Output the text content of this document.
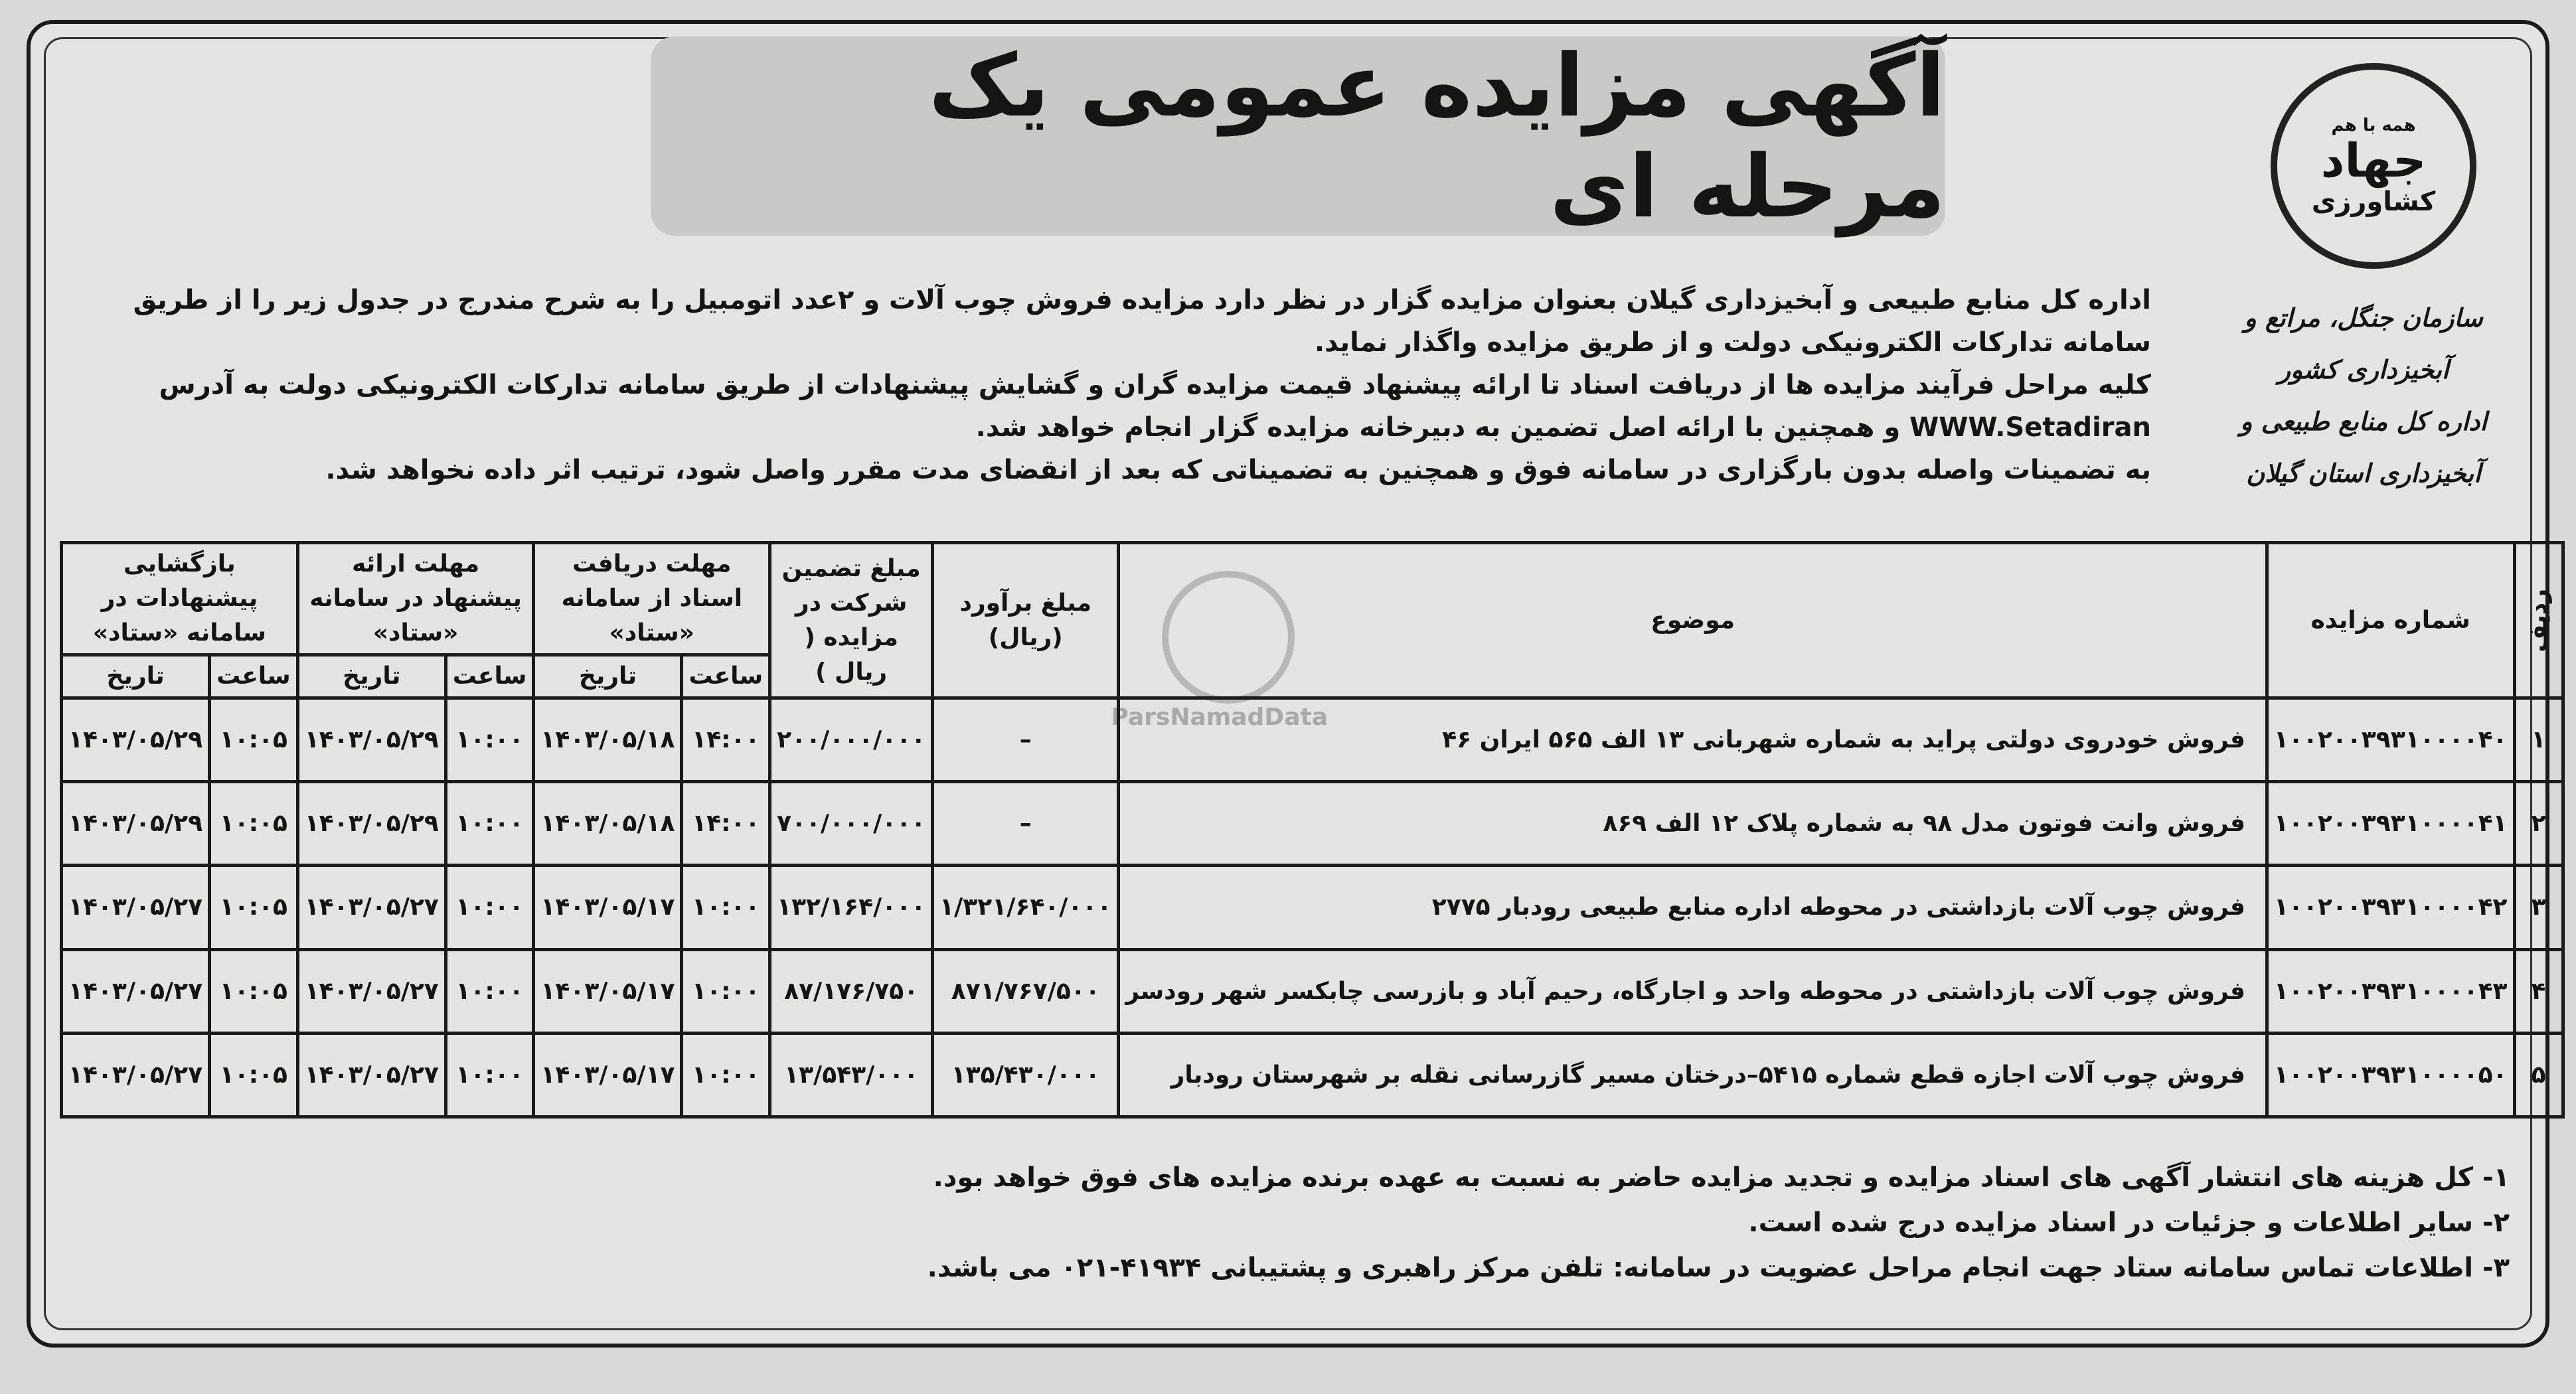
آگهی مزایده عمومی یک مرحله ای
همه با هم
جهاد
کشاورزی
سازمان جنگل، مراتع و آبخیزداری کشور
اداره کل منابع طبیعی و آبخیزداری استان گیلان

اداره کل منابع طبیعی و آبخیزداری گیلان بعنوان مزایده گزار در نظر دارد مزایده فروش چوب آلات و ۲عدد اتومبیل را به شرح مندرج در جدول زیر را از طریق

سامانه تدارکات الکترونیکی دولت و از طریق مزایده واگذار نماید.

کلیه مراحل فرآیند مزایده ها از دریافت اسناد تا ارائه پیشنهاد قیمت مزایده گران و گشایش پیشنهادات از طریق سامانه تدارکات الکترونیکی دولت به آدرس

WWW.Setadiran و همچنین با ارائه اصل تضمین به دبیرخانه مزایده گزار انجام خواهد شد.

به تضمینات واصله بدون بارگزاری در سامانه فوق و همچنین به تضمیناتی که بعد از انقضای مدت مقرر واصل شود، ترتیب اثر داده نخواهد شد.

ParsNamadData
ردیف	شماره مزایده	موضوع	مبلغ برآورد (ریال)	مبلغ تضمین شرکت در مزایده ( ریال )	مهلت دریافت اسناد از سامانه «ستاد»		مهلت ارائه پیشنهاد در سامانه «ستاد»		بازگشایی پیشنهادات در سامانه «ستاد»	
					ساعت	تاریخ	ساعت	تاریخ	ساعت	تاریخ
۱	۱۰۰۲۰۰۳۹۳۱۰۰۰۰۴۰	فروش خودروی دولتی پراید به شماره شهربانی ۱۳ الف ۵۶۵ ایران ۴۶	–	۲۰۰/۰۰۰/۰۰۰	۱۴:۰۰	۱۴۰۳/۰۵/۱۸	۱۰:۰۰	۱۴۰۳/۰۵/۲۹	۱۰:۰۵	۱۴۰۳/۰۵/۲۹
۲	۱۰۰۲۰۰۳۹۳۱۰۰۰۰۴۱	فروش وانت فوتون مدل ۹۸ به شماره پلاک ۱۲ الف ۸۶۹	–	۷۰۰/۰۰۰/۰۰۰	۱۴:۰۰	۱۴۰۳/۰۵/۱۸	۱۰:۰۰	۱۴۰۳/۰۵/۲۹	۱۰:۰۵	۱۴۰۳/۰۵/۲۹
۳	۱۰۰۲۰۰۳۹۳۱۰۰۰۰۴۲	فروش چوب آلات بازداشتی در محوطه اداره منابع طبیعی رودبار ۲۷۷۵	۱/۳۲۱/۶۴۰/۰۰۰	۱۳۲/۱۶۴/۰۰۰	۱۰:۰۰	۱۴۰۳/۰۵/۱۷	۱۰:۰۰	۱۴۰۳/۰۵/۲۷	۱۰:۰۵	۱۴۰۳/۰۵/۲۷
۴	۱۰۰۲۰۰۳۹۳۱۰۰۰۰۴۳	فروش چوب آلات بازداشتی در محوطه واحد و اجارگاه، رحیم آباد و بازرسی چابکسر شهر رودسر	۸۷۱/۷۶۷/۵۰۰	۸۷/۱۷۶/۷۵۰	۱۰:۰۰	۱۴۰۳/۰۵/۱۷	۱۰:۰۰	۱۴۰۳/۰۵/۲۷	۱۰:۰۵	۱۴۰۳/۰۵/۲۷
۵	۱۰۰۲۰۰۳۹۳۱۰۰۰۰۵۰	فروش چوب آلات اجازه قطع شماره ۵۴۱۵–درختان مسیر گازرسانی نقله بر شهرستان رودبار	۱۳۵/۴۳۰/۰۰۰	۱۳/۵۴۳/۰۰۰	۱۰:۰۰	۱۴۰۳/۰۵/۱۷	۱۰:۰۰	۱۴۰۳/۰۵/۲۷	۱۰:۰۵	۱۴۰۳/۰۵/۲۷

۱- کل هزینه های انتشار آگهی های اسناد مزایده و تجدید مزایده حاضر به نسبت به عهده برنده مزایده های فوق خواهد بود.

۲- سایر اطلاعات و جزئیات در اسناد مزایده درج شده است.

۳- اطلاعات تماس سامانه ستاد جهت انجام مراحل عضویت در سامانه: تلفن مرکز راهبری و پشتیبانی ۴۱۹۳۴-۰۲۱ می باشد.
